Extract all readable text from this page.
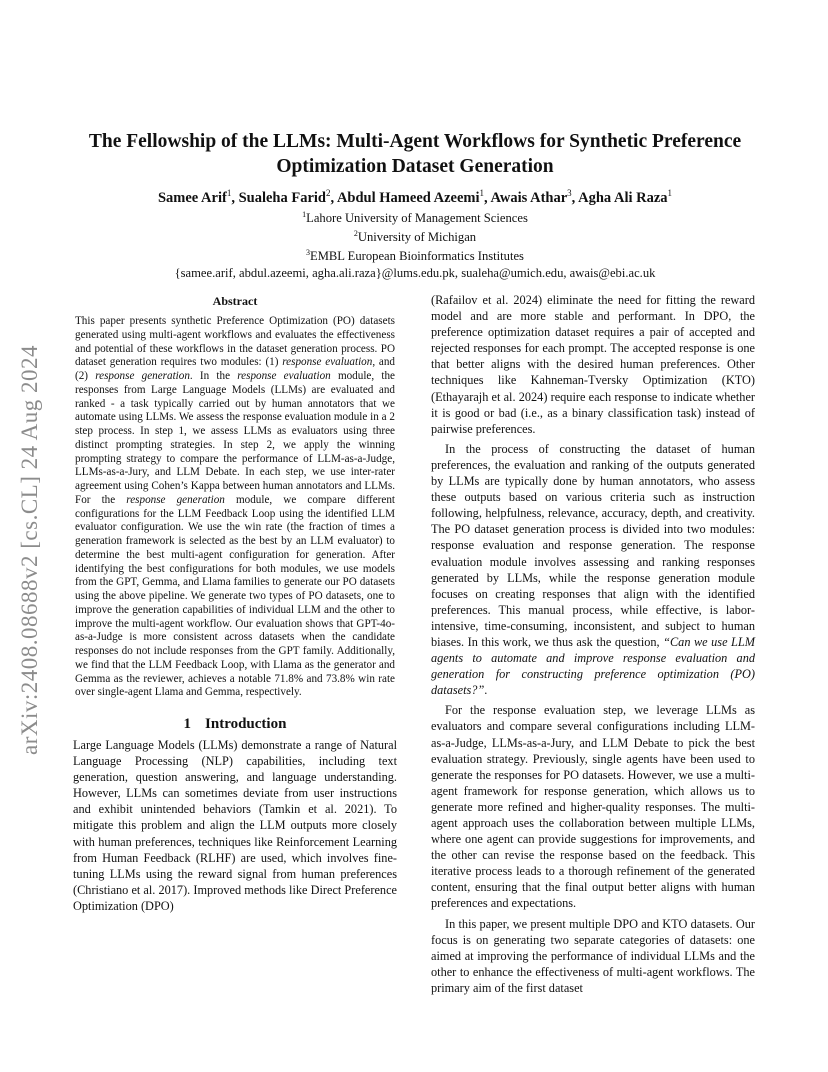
arXiv:2408.08688v2 [cs.CL] 24 Aug 2024
The Fellowship of the LLMs: Multi-Agent Workflows for Synthetic Preference
Optimization Dataset Generation
Samee Arif$^1$, Sualeha Farid$^2$, Abdul Hameed Azeemi$^1$, Awais Athar$^3$, Agha Ali Raza$^1$
$^1$Lahore University of Management Sciences
$^2$University of Michigan
$^3$EMBL European Bioinformatics Institutes
{samee.arif, abdul.azeemi, agha.ali.raza}@lums.edu.pk, sualeha@umich.edu, awais@ebi.ac.uk
Abstract

This paper presents synthetic Preference Optimization (PO) datasets generated using multi-agent workflows and evaluates the effectiveness and potential of these workflows in the dataset generation process. PO dataset generation requires two modules: (1) response evaluation, and (2) response generation. In the response evaluation module, the responses from Large Language Models (LLMs) are evaluated and ranked - a task typically carried out by human annotators that we automate using LLMs. We assess the response evaluation module in a 2 step process. In step 1, we assess LLMs as evaluators using three distinct prompting strategies. In step 2, we apply the winning prompting strategy to compare the performance of LLM-as-a-Judge, LLMs-as-a-Jury, and LLM Debate. In each step, we use inter-rater agreement using Cohen’s Kappa between human annotators and LLMs. For the response generation module, we compare different configurations for the LLM Feedback Loop using the identified LLM evaluator configuration. We use the win rate (the fraction of times a generation framework is selected as the best by an LLM evaluator) to determine the best multi-agent configuration for generation. After identifying the best configurations for both modules, we use models from the GPT, Gemma, and Llama families to generate our PO datasets using the above pipeline. We generate two types of PO datasets, one to improve the generation capabilities of individual LLM and the other to improve the multi-agent workflow. Our evaluation shows that GPT-4o-as-a-Judge is more consistent across datasets when the candidate responses do not include responses from the GPT family. Additionally, we find that the LLM Feedback Loop, with Llama as the generator and Gemma as the reviewer, achieves a notable 71.8% and 73.8% win rate over single-agent Llama and Gemma, respectively.

1 Introduction

Large Language Models (LLMs) demonstrate a range of Natural Language Processing (NLP) capabilities, including text generation, question answering, and language understanding. However, LLMs can sometimes deviate from user instructions and exhibit unintended behaviors (Tamkin et al. 2021). To mitigate this problem and align the LLM outputs more closely with human preferences, techniques like Reinforcement Learning from Human Feedback (RLHF) are used, which involves fine-tuning LLMs using the reward signal from human preferences (Christiano et al. 2017). Improved methods like Direct Preference Optimization (DPO)

(Rafailov et al. 2024) eliminate the need for fitting the reward model and are more stable and performant. In DPO, the preference optimization dataset requires a pair of accepted and rejected responses for each prompt. The accepted response is one that better aligns with the desired human preferences. Other techniques like Kahneman-Tversky Optimization (KTO) (Ethayarajh et al. 2024) require each response to indicate whether it is good or bad (i.e., as a binary classification task) instead of pairwise preferences.

In the process of constructing the dataset of human preferences, the evaluation and ranking of the outputs generated by LLMs are typically done by human annotators, who assess these outputs based on various criteria such as instruction following, helpfulness, relevance, accuracy, depth, and creativity. The PO dataset generation process is divided into two modules: response evaluation and response generation. The response evaluation module involves assessing and ranking responses generated by LLMs, while the response generation module focuses on creating responses that align with the identified preferences. This manual process, while effective, is labor-intensive, time-consuming, inconsistent, and subject to human biases. In this work, we thus ask the question, “Can we use LLM agents to automate and improve response evaluation and generation for constructing preference optimization (PO) datasets?”.

For the response evaluation step, we leverage LLMs as evaluators and compare several configurations including LLM-as-a-Judge, LLMs-as-a-Jury, and LLM Debate to pick the best evaluation strategy. Previously, single agents have been used to generate the responses for PO datasets. However, we use a multi-agent framework for response generation, which allows us to generate more refined and higher-quality responses. The multi-agent approach uses the collaboration between multiple LLMs, where one agent can provide suggestions for improvements, and the other can revise the response based on the feedback. This iterative process leads to a thorough refinement of the generated content, ensuring that the final output better aligns with human preferences and expectations.

In this paper, we present multiple DPO and KTO datasets. Our focus is on generating two separate categories of datasets: one aimed at improving the performance of individual LLMs and the other to enhance the effectiveness of multi-agent workflows. The primary aim of the first dataset
